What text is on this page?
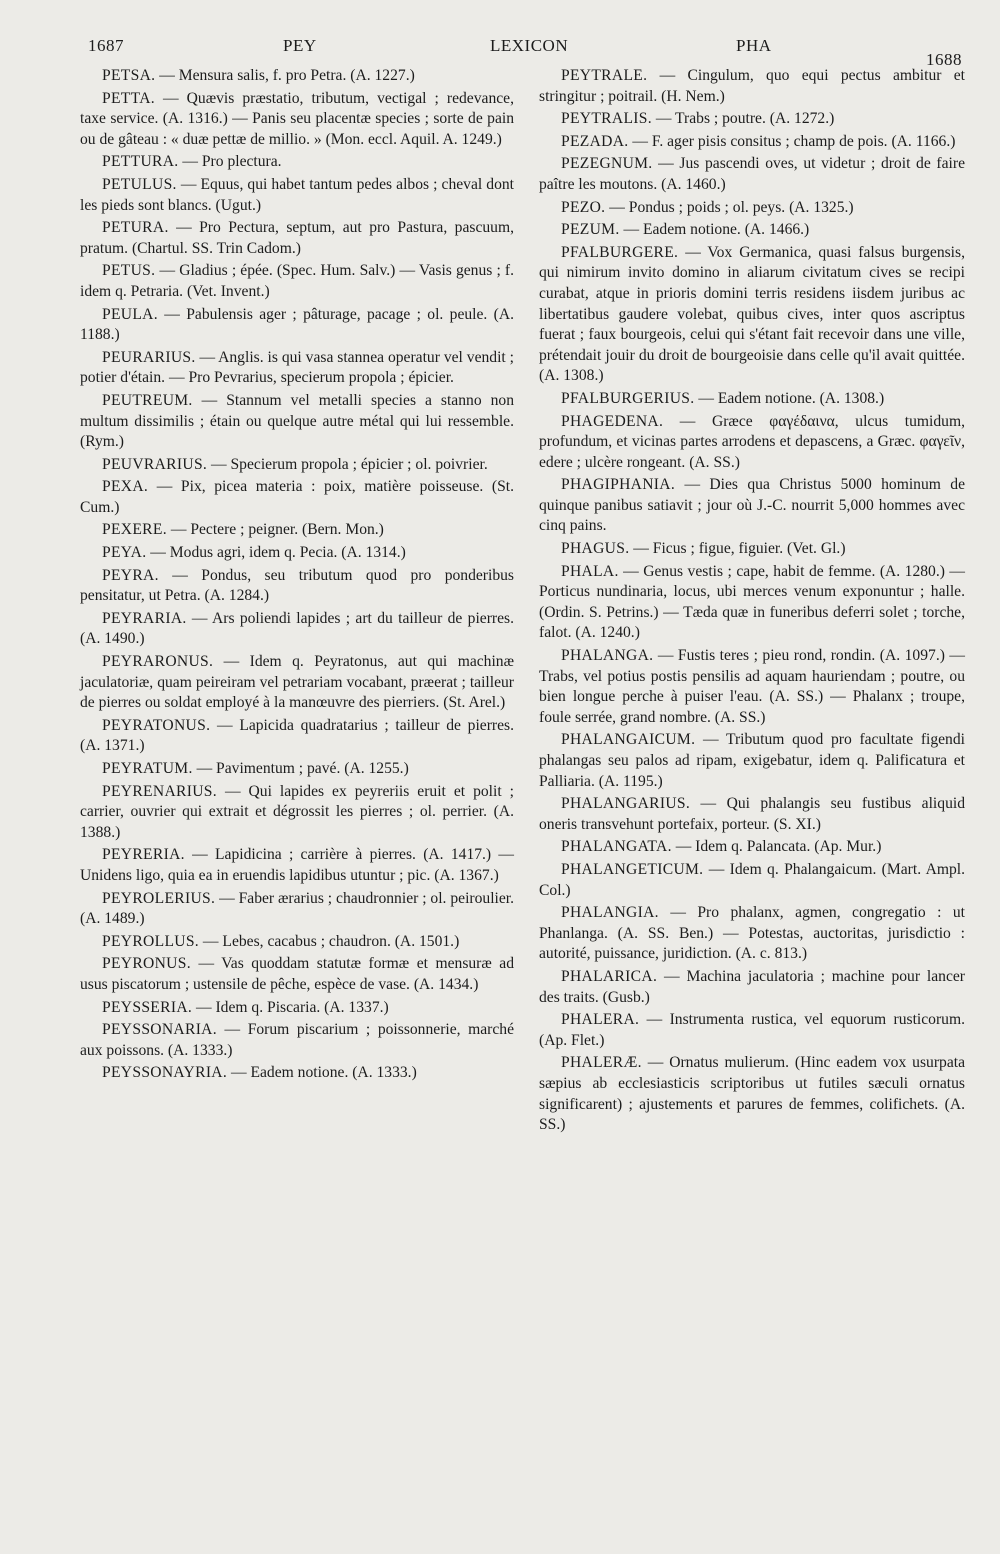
1687	PEY	LEXICON	PHA
1688

PETSA. — Mensura salis, f. pro Petra. (A. 1227.)

PETTA. — Quævis præstatio, tributum, vectigal ; redevance, taxe service. (A. 1316.) — Panis seu placentæ species ; sorte de pain ou de gâteau : « duæ pettæ de millio. » (Mon. eccl. Aquil. A. 1249.)

PETTURA. — Pro plectura.

PETULUS. — Equus, qui habet tantum pedes albos ; cheval dont les pieds sont blancs. (Ugut.)

PETURA. — Pro Pectura, septum, aut pro Pastura, pascuum, pratum. (Chartul. SS. Trin Cadom.)

PETUS. — Gladius ; épée. (Spec. Hum. Salv.) — Vasis genus ; f. idem q. Petraria. (Vet. Invent.)

PEULA. — Pabulensis ager ; pâturage, pacage ; ol. peule. (A. 1188.)

PEURARIUS. — Anglis. is qui vasa stannea operatur vel vendit ; potier d'étain. — Pro Pevrarius, specierum propola ; épicier.

PEUTREUM. — Stannum vel metalli species a stanno non multum dissimilis ; étain ou quelque autre métal qui lui ressemble. (Rym.)

PEUVRARIUS. — Specierum propola ; épicier ; ol. poivrier.

PEXA. — Pix, picea materia : poix, matière poisseuse. (St. Cum.)

PEXERE. — Pectere ; peigner. (Bern. Mon.)

PEYA. — Modus agri, idem q. Pecia. (A. 1314.)

PEYRA. — Pondus, seu tributum quod pro ponderibus pensitatur, ut Petra. (A. 1284.)

PEYRARIA. — Ars poliendi lapides ; art du tailleur de pierres. (A. 1490.)

PEYRARONUS. — Idem q. Peyratonus, aut qui machinæ jaculatoriæ, quam peireiram vel petrariam vocabant, præerat ; tailleur de pierres ou soldat employé à la manœuvre des pierriers. (St. Arel.)

PEYRATONUS. — Lapicida quadratarius ; tailleur de pierres. (A. 1371.)

PEYRATUM. — Pavimentum ; pavé. (A. 1255.)

PEYRENARIUS. — Qui lapides ex peyreriis eruit et polit ; carrier, ouvrier qui extrait et dégrossit les pierres ; ol. perrier. (A. 1388.)

PEYRERIA. — Lapidicina ; carrière à pierres. (A. 1417.) — Unidens ligo, quia ea in eruendis lapidibus utuntur ; pic. (A. 1367.)

PEYROLERIUS. — Faber ærarius ; chaudronnier ; ol. peiroulier. (A. 1489.)

PEYROLLUS. — Lebes, cacabus ; chaudron. (A. 1501.)

PEYRONUS. — Vas quoddam statutæ formæ et mensuræ ad usus piscatorum ; ustensile de pêche, espèce de vase. (A. 1434.)

PEYSSERIA. — Idem q. Piscaria. (A. 1337.)

PEYSSONARIA. — Forum piscarium ; poissonnerie, marché aux poissons. (A. 1333.)

PEYSSONAYRIA. — Eadem notione. (A. 1333.)

PEYTRALE. — Cingulum, quo equi pectus ambitur et stringitur ; poitrail. (H. Nem.)

PEYTRALIS. — Trabs ; poutre. (A. 1272.)

PEZADA. — F. ager pisis consitus ; champ de pois. (A. 1166.)

PEZEGNUM. — Jus pascendi oves, ut videtur ; droit de faire paître les moutons. (A. 1460.)

PEZO. — Pondus ; poids ; ol. peys. (A. 1325.)

PEZUM. — Eadem notione. (A. 1466.)

PFALBURGERE. — Vox Germanica, quasi falsus burgensis, qui nimirum invito domino in aliarum civitatum cives se recipi curabat, atque in prioris domini terris residens iisdem juribus ac libertatibus gaudere volebat, quibus cives, inter quos ascriptus fuerat ; faux bourgeois, celui qui s'étant fait recevoir dans une ville, prétendait jouir du droit de bourgeoisie dans celle qu'il avait quittée. (A. 1308.)

PFALBURGERIUS. — Eadem notione. (A. 1308.)

PHAGEDENA. — Græce φαγέδαινα, ulcus tumidum, profundum, et vicinas partes arrodens et depascens, a Græc. φαγεῖν, edere ; ulcère rongeant. (A. SS.)

PHAGIPHANIA. — Dies qua Christus 5000 hominum de quinque panibus satiavit ; jour où J.-C. nourrit 5,000 hommes avec cinq pains.

PHAGUS. — Ficus ; figue, figuier. (Vet. Gl.)

PHALA. — Genus vestis ; cape, habit de femme. (A. 1280.) — Porticus nundinaria, locus, ubi merces venum exponuntur ; halle. (Ordin. S. Petrins.) — Tæda quæ in funeribus deferri solet ; torche, falot. (A. 1240.)

PHALANGA. — Fustis teres ; pieu rond, rondin. (A. 1097.) — Trabs, vel potius postis pensilis ad aquam hauriendam ; poutre, ou bien longue perche à puiser l'eau. (A. SS.) — Phalanx ; troupe, foule serrée, grand nombre. (A. SS.)

PHALANGAICUM. — Tributum quod pro facultate figendi phalangas seu palos ad ripam, exigebatur, idem q. Palificatura et Palliaria. (A. 1195.)

PHALANGARIUS. — Qui phalangis seu fustibus aliquid oneris transvehunt portefaix, porteur. (S. XI.)

PHALANGATA. — Idem q. Palancata. (Ap. Mur.)

PHALANGETICUM. — Idem q. Phalangaicum. (Mart. Ampl. Col.)

PHALANGIA. — Pro phalanx, agmen, congregatio : ut Phanlanga. (A. SS. Ben.) — Potestas, auctoritas, jurisdictio : autorité, puissance, juridiction. (A. c. 813.)

PHALARICA. — Machina jaculatoria ; machine pour lancer des traits. (Gusb.)

PHALERA. — Instrumenta rustica, vel equorum rusticorum. (Ap. Flet.)

PHALERÆ. — Ornatus mulierum. (Hinc eadem vox usurpata sæpius ab ecclesiasticis scriptoribus ut futiles sæculi ornatus significarent) ; ajustements et parures de femmes, colifichets. (A. SS.)
